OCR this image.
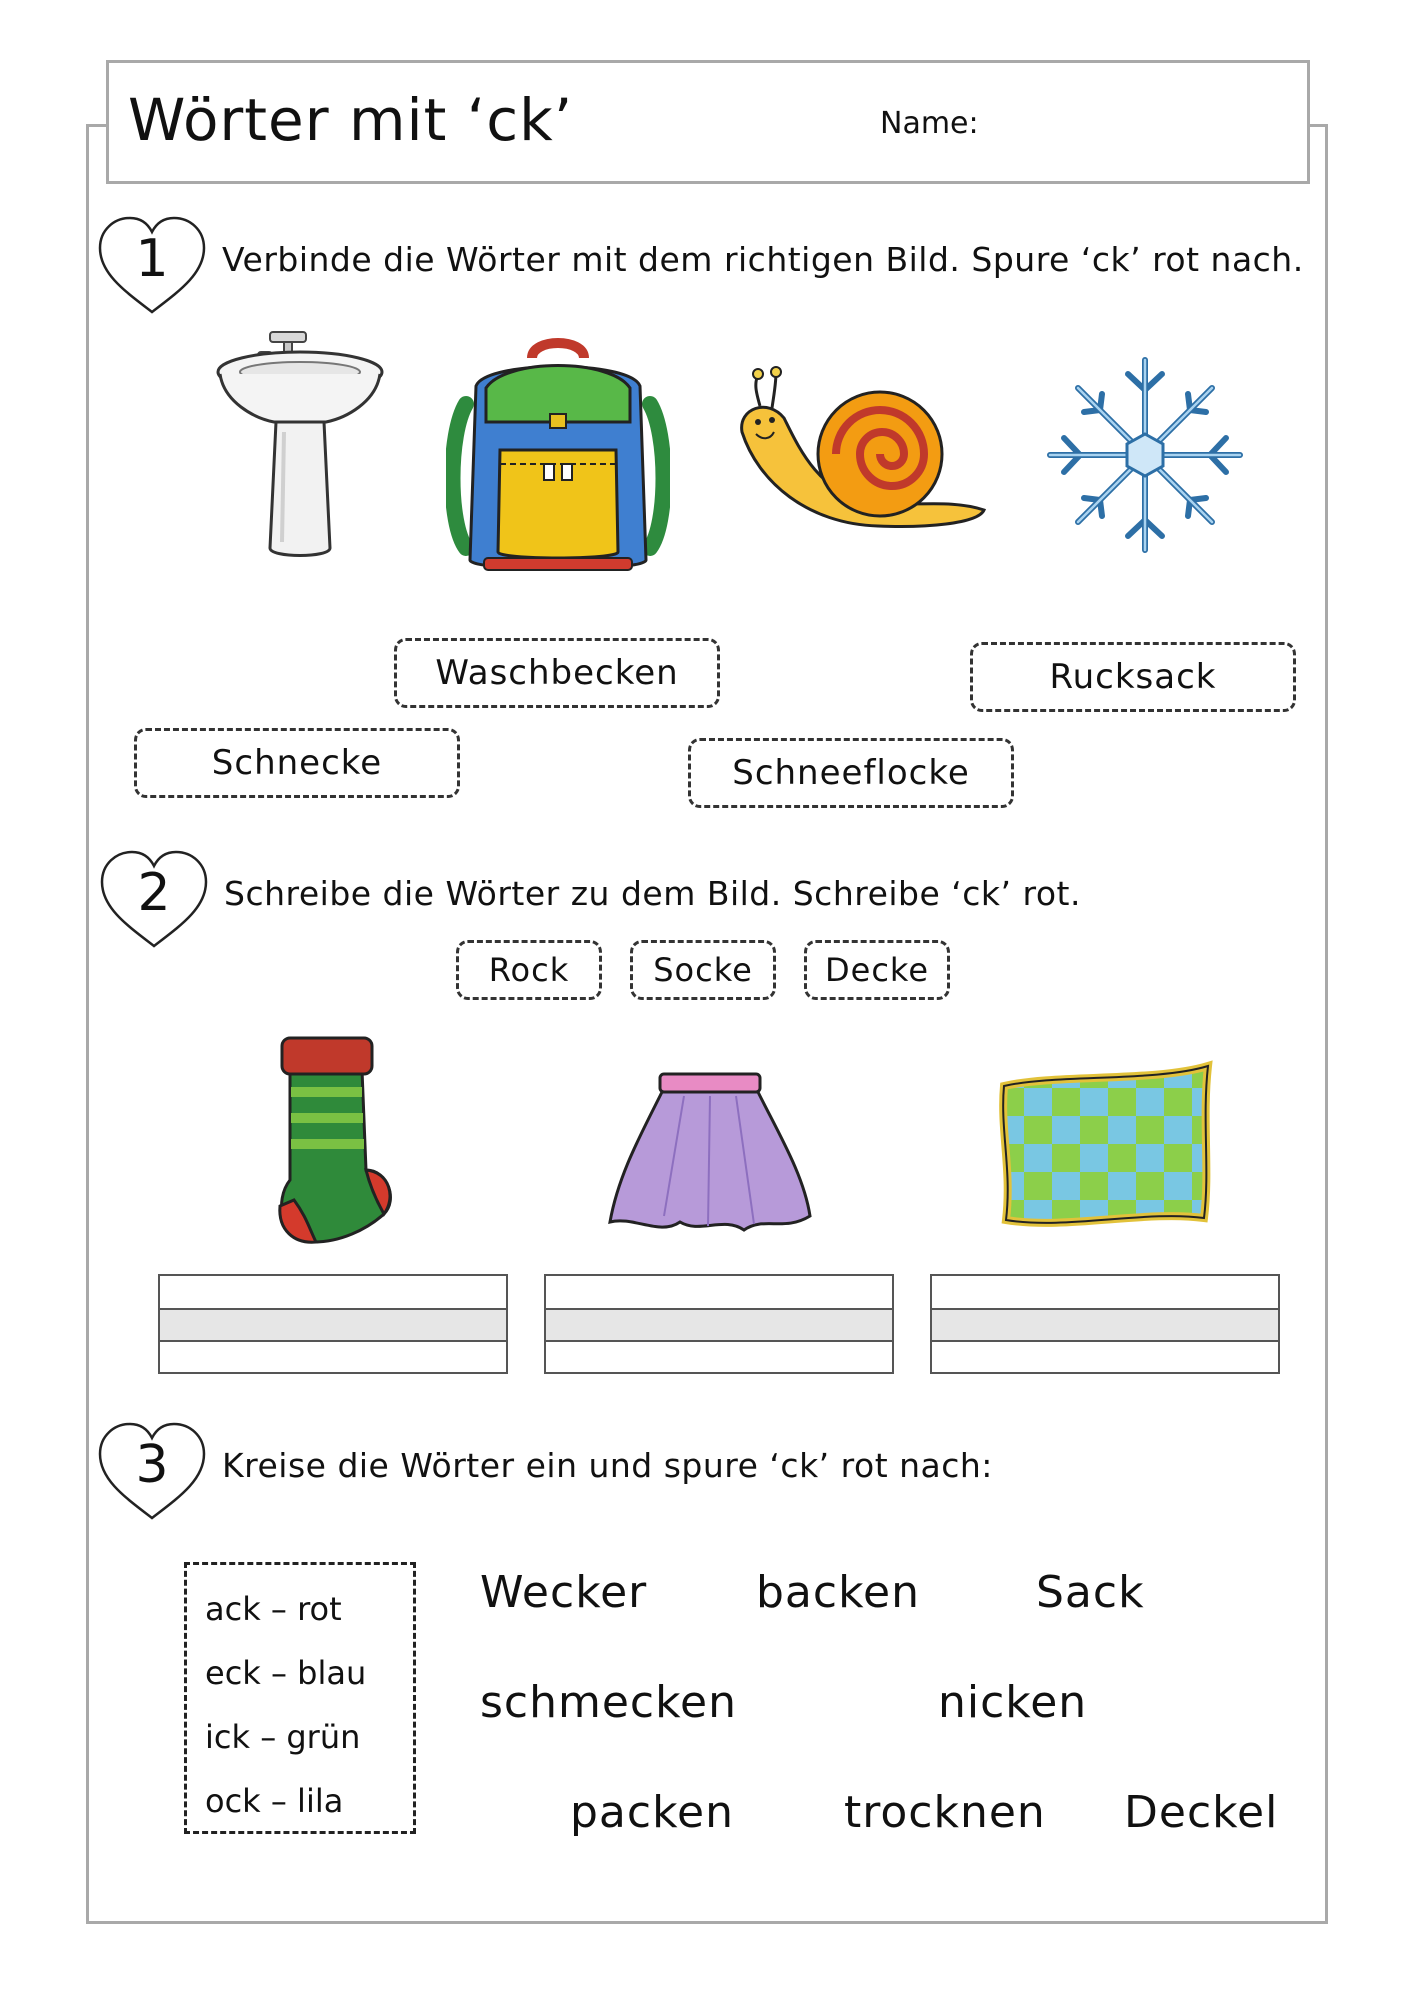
Wörter mit ‘ck’	Name:
1	Verbinde die Wörter mit dem richtigen Bild. Spure ‘ck’ rot nach.
Waschbecken	Rucksack
Schnecke	Schneeflocke
2	Schreibe die Wörter zu dem Bild. Schreibe ‘ck’ rot.
Rock	Socke	Decke
3	Kreise die Wörter ein und spure ‘ck’ rot nach:
ack – rot
eck – blau
ick – grün
ock – lila
Wecker backen	Sack
schmecken	nicken
packen	trocknen Deckel
